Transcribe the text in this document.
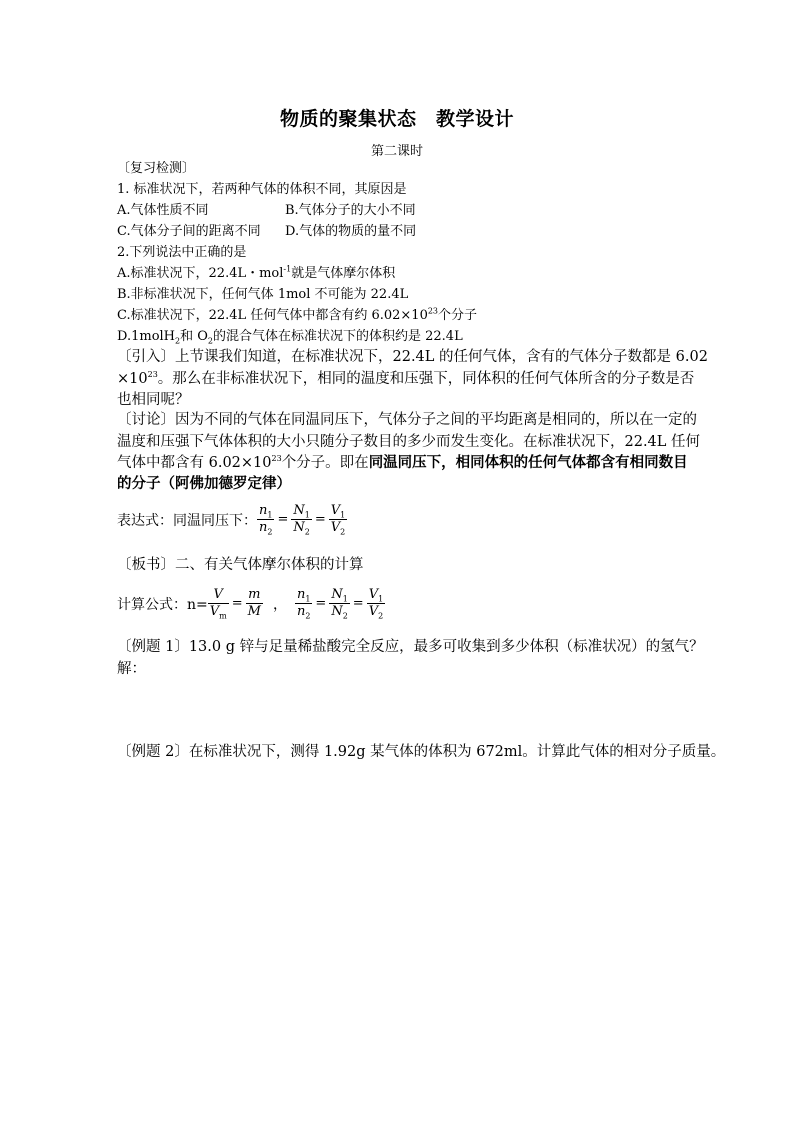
物质的聚集状态　教学设计
第二课时
〔复习检测〕
1. 标准状况下，若两种气体的体积不同，其原因是
A.气体性质不同	B.气体分子的大小不同
C.气体分子间的距离不同 D.气体的物质的量不同
2.下列说法中正确的是
A.标准状况下，22.4L・mol$^{-1}$就是气体摩尔体积
B.非标准状况下，任何气体 1mol 不可能为 22.4L
C.标准状况下，22.4L 任何气体中都含有约 $6.02\times 10^{23}$个分子
D.1molH$_2$和 $O_2$的混合气体在标准状况下的体积约是 22.4L
〔引入〕上节课我们知道，在标准状况下，22.4L 的任何气体，含有的气体分子数都是 6.02
$\times 10^{23}$。那么在非标准状况下，相同的温度和压强下，同体积的任何气体所含的分子数是否
也相同呢？
〔讨论〕因为不同的气体在同温同压下，气体分子之间的平均距离是相同的，所以在一定的
温度和压强下气体体积的大小只随分子数目的多少而发生变化。在标准状况下，22.4L 任何
气体中都含有 $6.02\times 10^{23}$个分子。即在同温同压下，相同体积的任何气体都含有相同数目
的分子（阿佛加德罗定律）
表达式：同温同压下： $\frac{n_1}{n_2} = \frac{N_1}{N_2} = \frac{V_1}{V_2}$
〔板书〕二、有关气体摩尔体积的计算
计算公式：$n= \frac{V}{V_m} = \frac{m}{M}$ ， $\frac{n_1}{n_2} = \frac{N_1}{N_2} = \frac{V_1}{V_2}$
〔例题 1〕13.0 g 锌与足量稀盐酸完全反应，最多可收集到多少体积（标准状况）的氢气？
解：
〔例题 2〕在标准状况下，测得 1.92g 某气体的体积为 672ml。计算此气体的相对分子质量。
